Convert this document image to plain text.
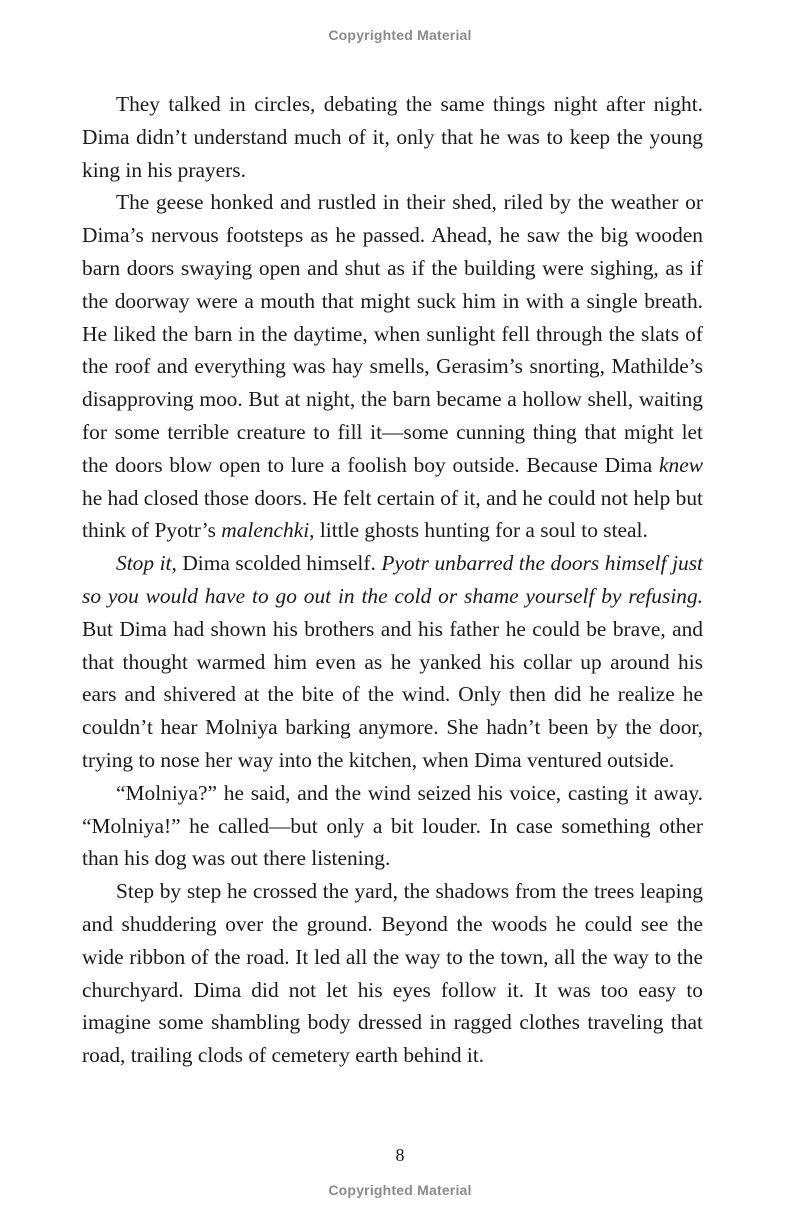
Copyrighted Material

They talked in circles, debating the same things night after night. Dima didn’t understand much of it, only that he was to keep the young king in his prayers.

The geese honked and rustled in their shed, riled by the weather or Dima’s nervous footsteps as he passed. Ahead, he saw the big wooden barn doors swaying open and shut as if the building were sighing, as if the doorway were a mouth that might suck him in with a single breath. He liked the barn in the daytime, when sunlight fell through the slats of the roof and everything was hay smells, Gerasim’s snorting, Mathilde’s disapproving moo. But at night, the barn became a hollow shell, waiting for some terrible creature to fill it—some cunning thing that might let the doors blow open to lure a foolish boy outside. Because Dima knew he had closed those doors. He felt certain of it, and he could not help but think of Pyotr’s malenchki, little ghosts hunting for a soul to steal.

Stop it, Dima scolded himself. Pyotr unbarred the doors himself just so you would have to go out in the cold or shame yourself by refusing. But Dima had shown his brothers and his father he could be brave, and that thought warmed him even as he yanked his collar up around his ears and shivered at the bite of the wind. Only then did he realize he couldn’t hear Molniya barking anymore. She hadn’t been by the door, trying to nose her way into the kitchen, when Dima ventured outside.

“Molniya?” he said, and the wind seized his voice, casting it away. “Molniya!” he called—but only a bit louder. In case something other than his dog was out there listening.

Step by step he crossed the yard, the shadows from the trees leaping and shuddering over the ground. Beyond the woods he could see the wide ribbon of the road. It led all the way to the town, all the way to the churchyard. Dima did not let his eyes follow it. It was too easy to imagine some shambling body dressed in ragged clothes traveling that road, trailing clods of cemetery earth behind it.

8
Copyrighted Material
